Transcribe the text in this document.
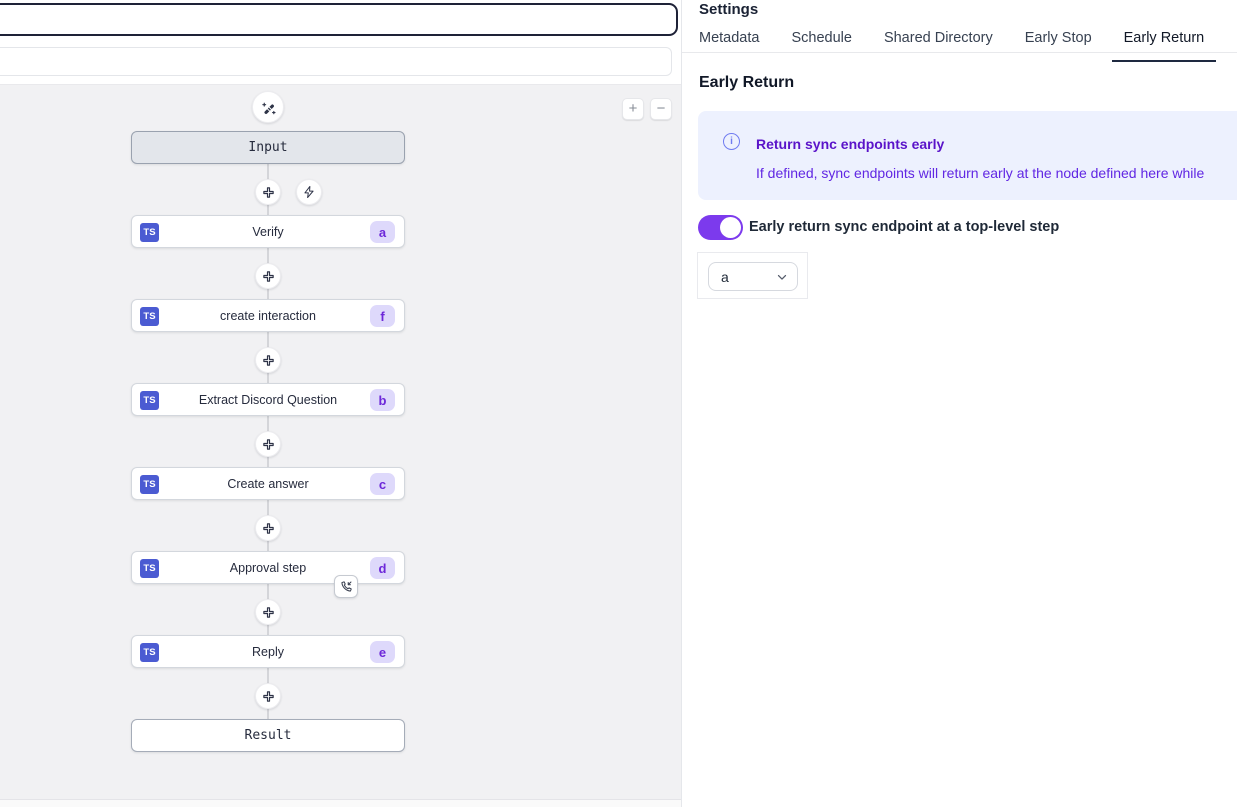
+	−
Input
TS	Verify	a
TS	create interaction	f
TS	Extract Discord Question	b
TS	Create answer	c
TS	Approval step	d
TS	Reply	e
Result
Settings
Metadata Schedule Shared Directory Early Stop Early Return
Early Return
i	Return sync endpoints early
If defined, sync endpoints will return early at the node defined here while
Early return sync endpoint at a top-level step
a
